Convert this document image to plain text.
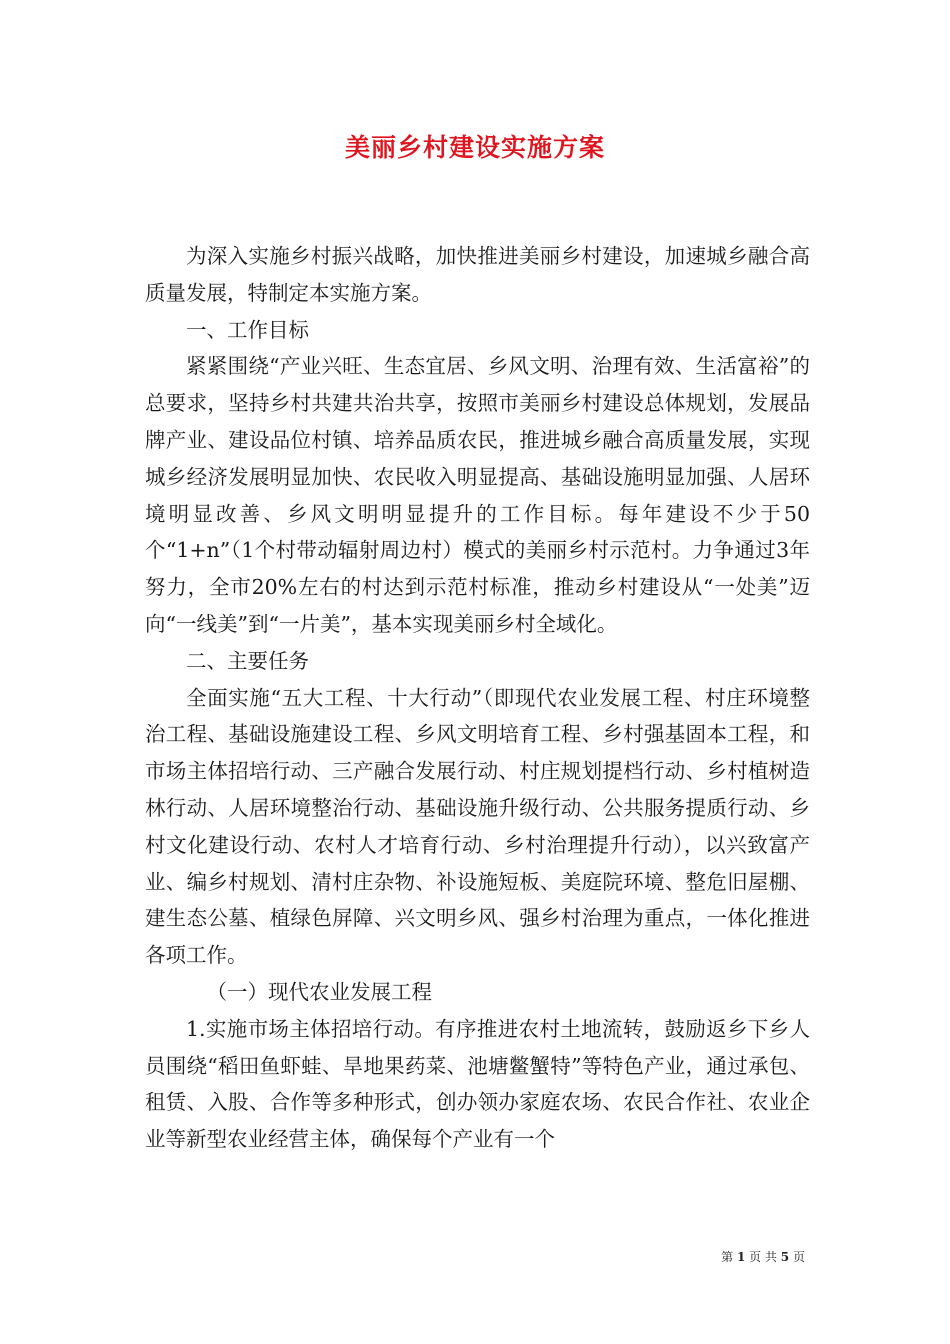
美丽乡村建设实施方案

为深入实施乡村振兴战略，加快推进美丽乡村建设，加速城乡融合高质量发展，特制定本实施方案。

一、工作目标

紧紧围绕“产业兴旺、生态宜居、乡风文明、治理有效、生活富裕”的总要求，坚持乡村共建共治共享，按照市美丽乡村建设总体规划，发展品牌产业、建设品位村镇、培养品质农民，推进城乡融合高质量发展，实现城乡经济发展明显加快、农民收入明显提高、基础设施明显加强、人居环境明显改善、乡风文明明显提升的工作目标。每年建设不少于50个“1+n”（1个村带动辐射周边村）模式的美丽乡村示范村。力争通过3年努力，全市20%左右的村达到示范村标准，推动乡村建设从“一处美”迈向“一线美”到“一片美”，基本实现美丽乡村全域化。

二、主要任务

全面实施“五大工程、十大行动”（即现代农业发展工程、村庄环境整治工程、基础设施建设工程、乡风文明培育工程、乡村强基固本工程，和市场主体招培行动、三产融合发展行动、村庄规划提档行动、乡村植树造林行动、人居环境整治行动、基础设施升级行动、公共服务提质行动、乡村文化建设行动、农村人才培育行动、乡村治理提升行动），以兴致富产业、编乡村规划、清村庄杂物、补设施短板、美庭院环境、整危旧屋棚、建生态公墓、植绿色屏障、兴文明乡风、强乡村治理为重点，一体化推进各项工作。

（一）现代农业发展工程

1.实施市场主体招培行动。有序推进农村土地流转，鼓励返乡下乡人员围绕“稻田鱼虾蛙、旱地果药菜、池塘鳖蟹特”等特色产业，通过承包、租赁、入股、合作等多种形式，创办领办家庭农场、农民合作社、农业企业等新型农业经营主体，确保每个产业有一个

第 1 页 共 5 页
